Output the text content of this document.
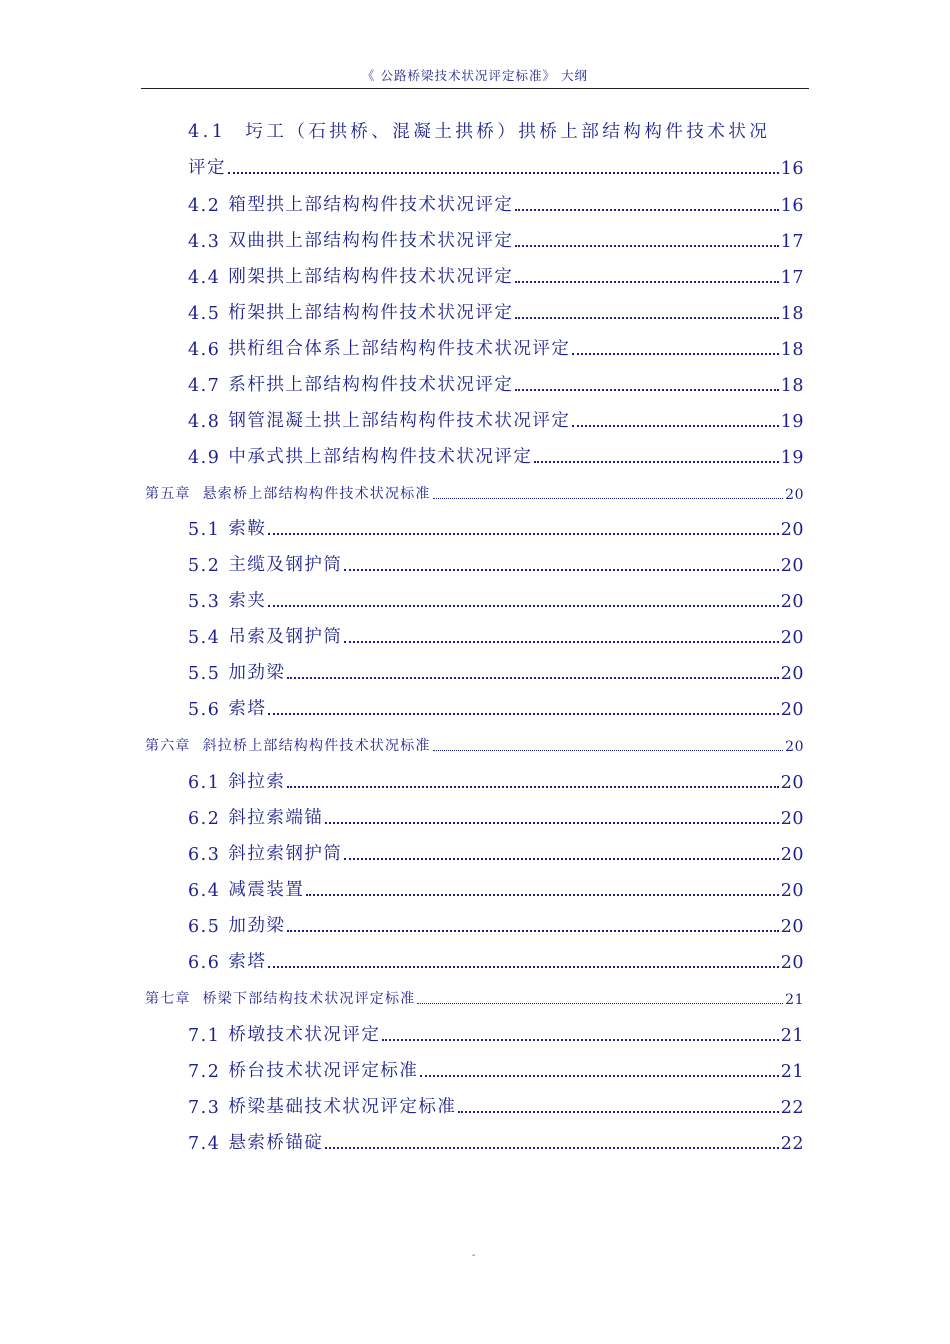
《 公路桥梁技术状况评定标准》 大纲
4.1 圬工（石拱桥、混凝土拱桥）拱桥上部结构构件技术状况
评定	16
4.2 箱型拱上部结构构件技术状况评定	16
4.3 双曲拱上部结构构件技术状况评定	17
4.4 刚架拱上部结构构件技术状况评定	17
4.5 桁架拱上部结构构件技术状况评定	18
4.6 拱桁组合体系上部结构构件技术状况评定	18
4.7 系杆拱上部结构构件技术状况评定	18
4.8 钢管混凝土拱上部结构构件技术状况评定	19
4.9 中承式拱上部结构构件技术状况评定	19
第五章 悬索桥上部结构构件技术状况标准	20
5.1 索鞍	20
5.2 主缆及钢护筒	20
5.3 索夹	20
5.4 吊索及钢护筒	20
5.5 加劲梁	20
5.6 索塔	20
第六章 斜拉桥上部结构构件技术状况标准	20
6.1 斜拉索	20
6.2 斜拉索端锚	20
6.3 斜拉索钢护筒	20
6.4 减震装置	20
6.5 加劲梁	20
6.6 索塔	20
第七章 桥梁下部结构技术状况评定标准	21
7.1 桥墩技术状况评定	21
7.2 桥台技术状况评定标准	21
7.3 桥梁基础技术状况评定标准	22
7.4 悬索桥锚碇	22
-
